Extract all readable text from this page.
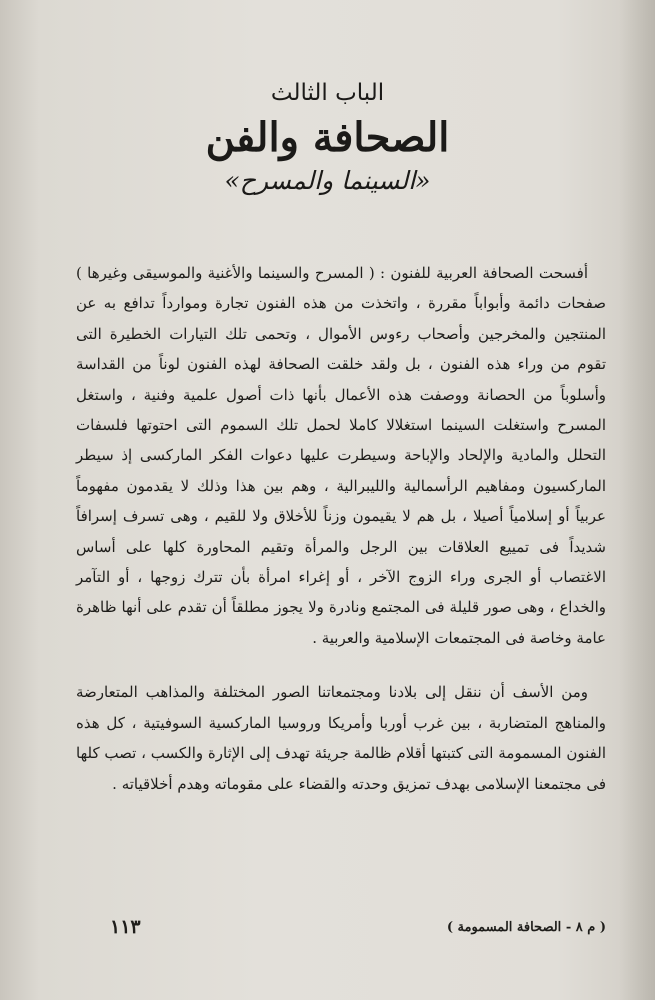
الباب الثالث
الصحافة والفن
«السينما والمسرح»

أفسحت الصحافة العربية للفنون : ( المسرح والسينما والأغنية والموسيقى وغيرها ) صفحات دائمة وأبواباً مقررة ، واتخذت من هذه الفنون تجارة وموارداً تدافع به عن المنتجين والمخرجين وأصحاب رءوس الأموال ، وتحمى تلك التيارات الخطيرة التى تقوم من وراء هذه الفنون ، بل ولقد خلقت الصحافة لهذه الفنون لوناً من القداسة وأسلوباً من الحصانة ووصفت هذه الأعمال بأنها ذات أصول علمية وفنية ، واستغل المسرح واستغلت السينما استغلالا كاملا لحمل تلك السموم التى احتوتها فلسفات التحلل والمادية والإلحاد والإباحة وسيطرت عليها دعوات الفكر الماركسى إذ سيطر الماركسيون ومفاهيم الرأسمالية والليبرالية ، وهم بين هذا وذلك لا يقدمون مفهوماً عربياً أو إسلامياً أصيلا ، بل هم لا يقيمون وزناً للأخلاق ولا للقيم ، وهى تسرف إسرافاً شديداً فى تمييع العلاقات بين الرجل والمرأة وتقيم المحاورة كلها على أساس الاغتصاب أو الجرى وراء الزوج الآخر ، أو إغراء امرأة بأن تترك زوجها ، أو التآمر والخداع ، وهى صور قليلة فى المجتمع ونادرة ولا يجوز مطلقاً أن تقدم على أنها ظاهرة عامة وخاصة فى المجتمعات الإسلامية والعربية .

ومن الأسف أن ننقل إلى بلادنا ومجتمعاتنا الصور المختلفة والمذاهب المتعارضة والمناهج المتضاربة ، بين غرب أوربا وأمريكا وروسيا الماركسية السوفيتية ، كل هذه الفنون المسمومة التى كتبتها أقلام ظالمة جريئة تهدف إلى الإثارة والكسب ، تصب كلها فى مجتمعنا الإسلامى بهدف تمزيق وحدته والقضاء على مقوماته وهدم أخلاقياته .

١١٣	( م ٨ - الصحافة المسمومة )
